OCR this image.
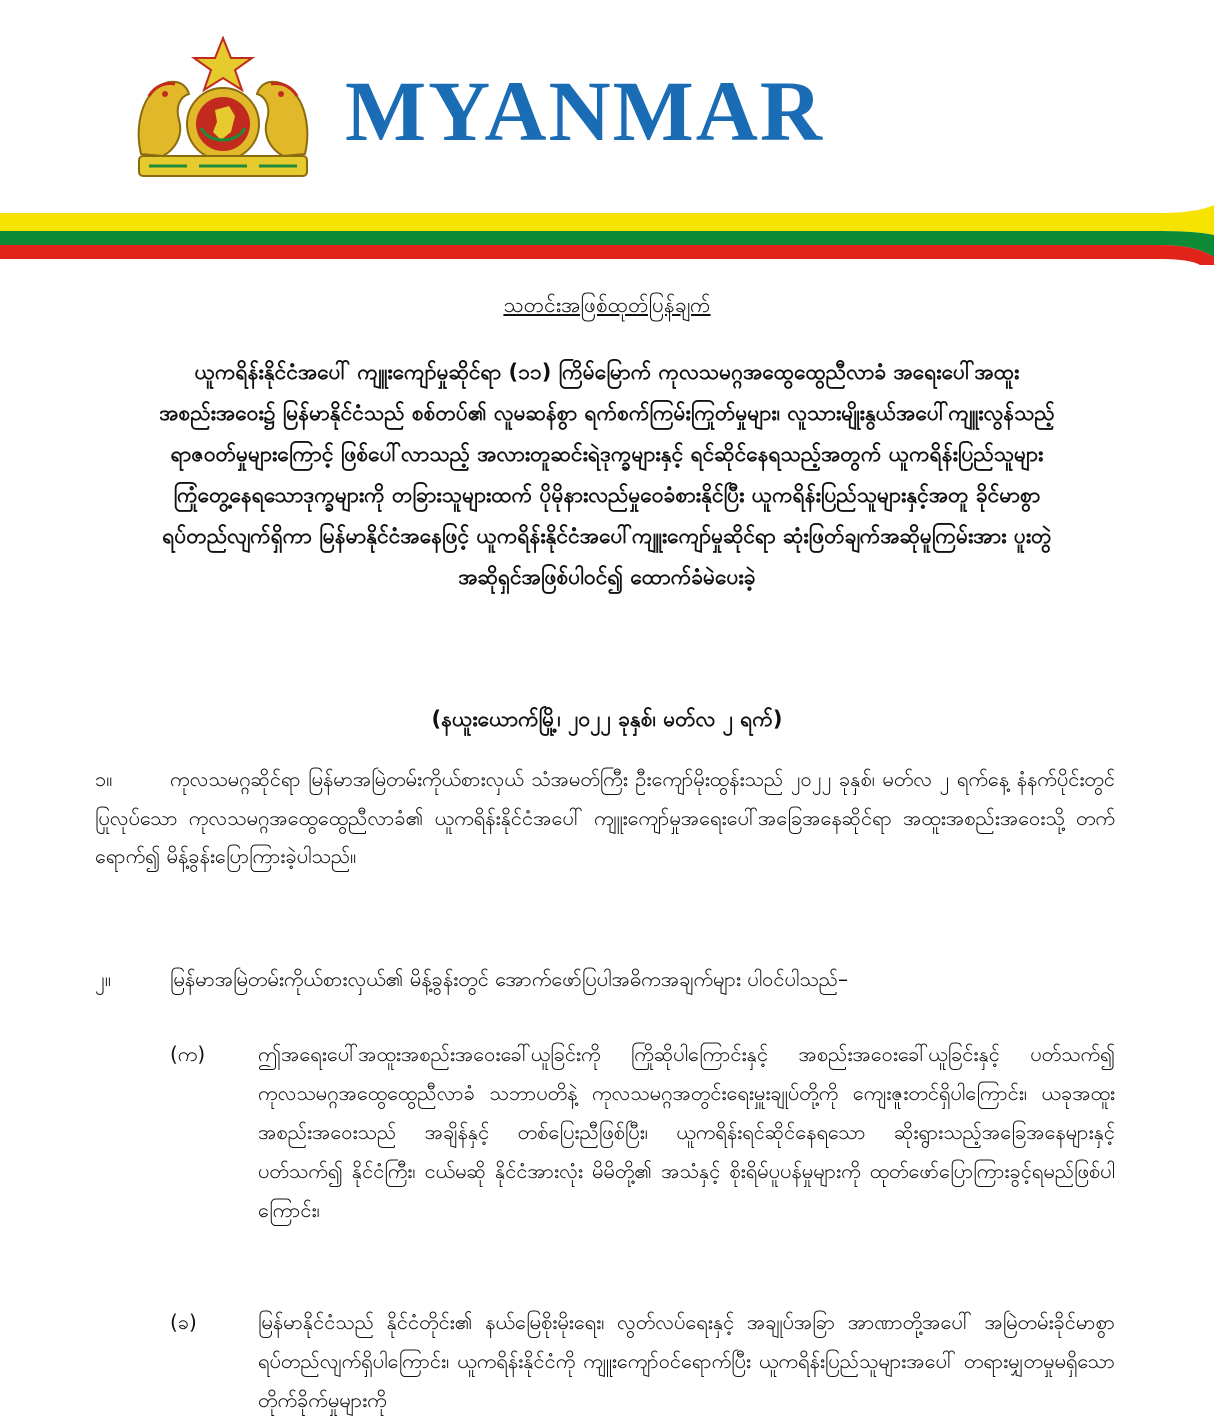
MYANMAR
သတင်းအဖြစ်ထုတ်ပြန်ချက်
ယူကရိန်းနိုင်ငံအပေါ် ကျူးကျော်မှုဆိုင်ရာ (၁၁) ကြိမ်မြောက် ကုလသမဂ္ဂအထွေထွေညီလာခံ အရေးပေါ်အထူးအစည်းအဝေး၌ မြန်မာနိုင်ငံသည် စစ်တပ်၏ လူမဆန်စွာ ရက်စက်ကြမ်းကြုတ်မှုများ၊ လူသားမျိုးနွယ်အပေါ်ကျူးလွန်သည့် ရာဇဝတ်မှုများကြောင့် ဖြစ်ပေါ်လာသည့် အလားတူဆင်းရဲဒုက္ခများနှင့် ရင်ဆိုင်နေရသည့်အတွက် ယူကရိန်းပြည်သူများ ကြုံတွေ့နေရသောဒုက္ခများကို တခြားသူများထက် ပိုမိုနားလည်မှုဝေခံစားနိုင်ပြီး ယူကရိန်းပြည်သူများနှင့်အတူ ခိုင်မာစွာရပ်တည်လျက်ရှိကာ မြန်မာနိုင်ငံအနေဖြင့် ယူကရိန်းနိုင်ငံအပေါ်ကျူးကျော်မှုဆိုင်ရာ ဆုံးဖြတ်ချက်အဆိုမူကြမ်းအား ပူးတွဲအဆိုရှင်အဖြစ်ပါဝင်၍ ထောက်ခံမဲပေးခဲ့
(နယူးယောက်မြို့၊ ၂၀၂၂ ခုနှစ်၊ မတ်လ ၂ ရက်)
၁။	ကုလသမဂ္ဂဆိုင်ရာ မြန်မာအမြဲတမ်းကိုယ်စားလှယ် သံအမတ်ကြီး ဦးကျော်မိုးထွန်းသည် ၂၀၂၂ ခုနှစ်၊ မတ်လ ၂ ရက်နေ့ နံနက်ပိုင်းတွင်ပြုလုပ်သော ကုလသမဂ္ဂအထွေထွေညီလာခံ၏ ယူကရိန်းနိုင်ငံအပေါ် ကျူးကျော်မှုအရေးပေါ်အခြေအနေဆိုင်ရာ အထူးအစည်းအဝေးသို့ တက်ရောက်၍ မိန့်ခွန်းပြောကြားခဲ့ပါသည်။
၂။	မြန်မာအမြဲတမ်းကိုယ်စားလှယ်၏ မိန့်ခွန်းတွင် အောက်ဖော်ပြပါအဓိကအချက်များ ပါဝင်ပါသည်–
(က)	ဤအရေးပေါ်အထူးအစည်းအဝေးခေါ်ယူခြင်းကို ကြိုဆိုပါကြောင်းနှင့် အစည်းအဝေးခေါ်ယူခြင်းနှင့် ပတ်သက်၍ ကုလသမဂ္ဂအထွေထွေညီလာခံ သဘာပတိနဲ့ ကုလသမဂ္ဂအတွင်းရေးမှူးချုပ်တို့ကို ကျေးဇူးတင်ရှိပါကြောင်း၊ ယခုအထူးအစည်းအဝေးသည် အချိန်နှင့် တစ်ပြေးညီဖြစ်ပြီး၊ ယူကရိန်းရင်ဆိုင်နေရသော ဆိုးရွားသည့်အခြေအနေများနှင့် ပတ်သက်၍ နိုင်ငံကြီး၊ ငယ်မဆို နိုင်ငံအားလုံး မိမိတို့၏ အသံနှင့် စိုးရိမ်ပူပန်မှုများကို ထုတ်ဖော်ပြောကြားခွင့်ရမည်ဖြစ်ပါကြောင်း၊
(ခ)	မြန်မာနိုင်ငံသည် နိုင်ငံတိုင်း၏ နယ်မြေစိုးမိုးရေး၊ လွတ်လပ်ရေးနှင့် အချုပ်အခြာ အာဏာတို့အပေါ် အမြဲတမ်းခိုင်မာစွာ ရပ်တည်လျက်ရှိပါကြောင်း၊ ယူကရိန်းနိုင်ငံကို ကျူးကျော်ဝင်ရောက်ပြီး ယူကရိန်းပြည်သူများအပေါ် တရားမျှတမှုမရှိသော တိုက်ခိုက်မှုများကို
